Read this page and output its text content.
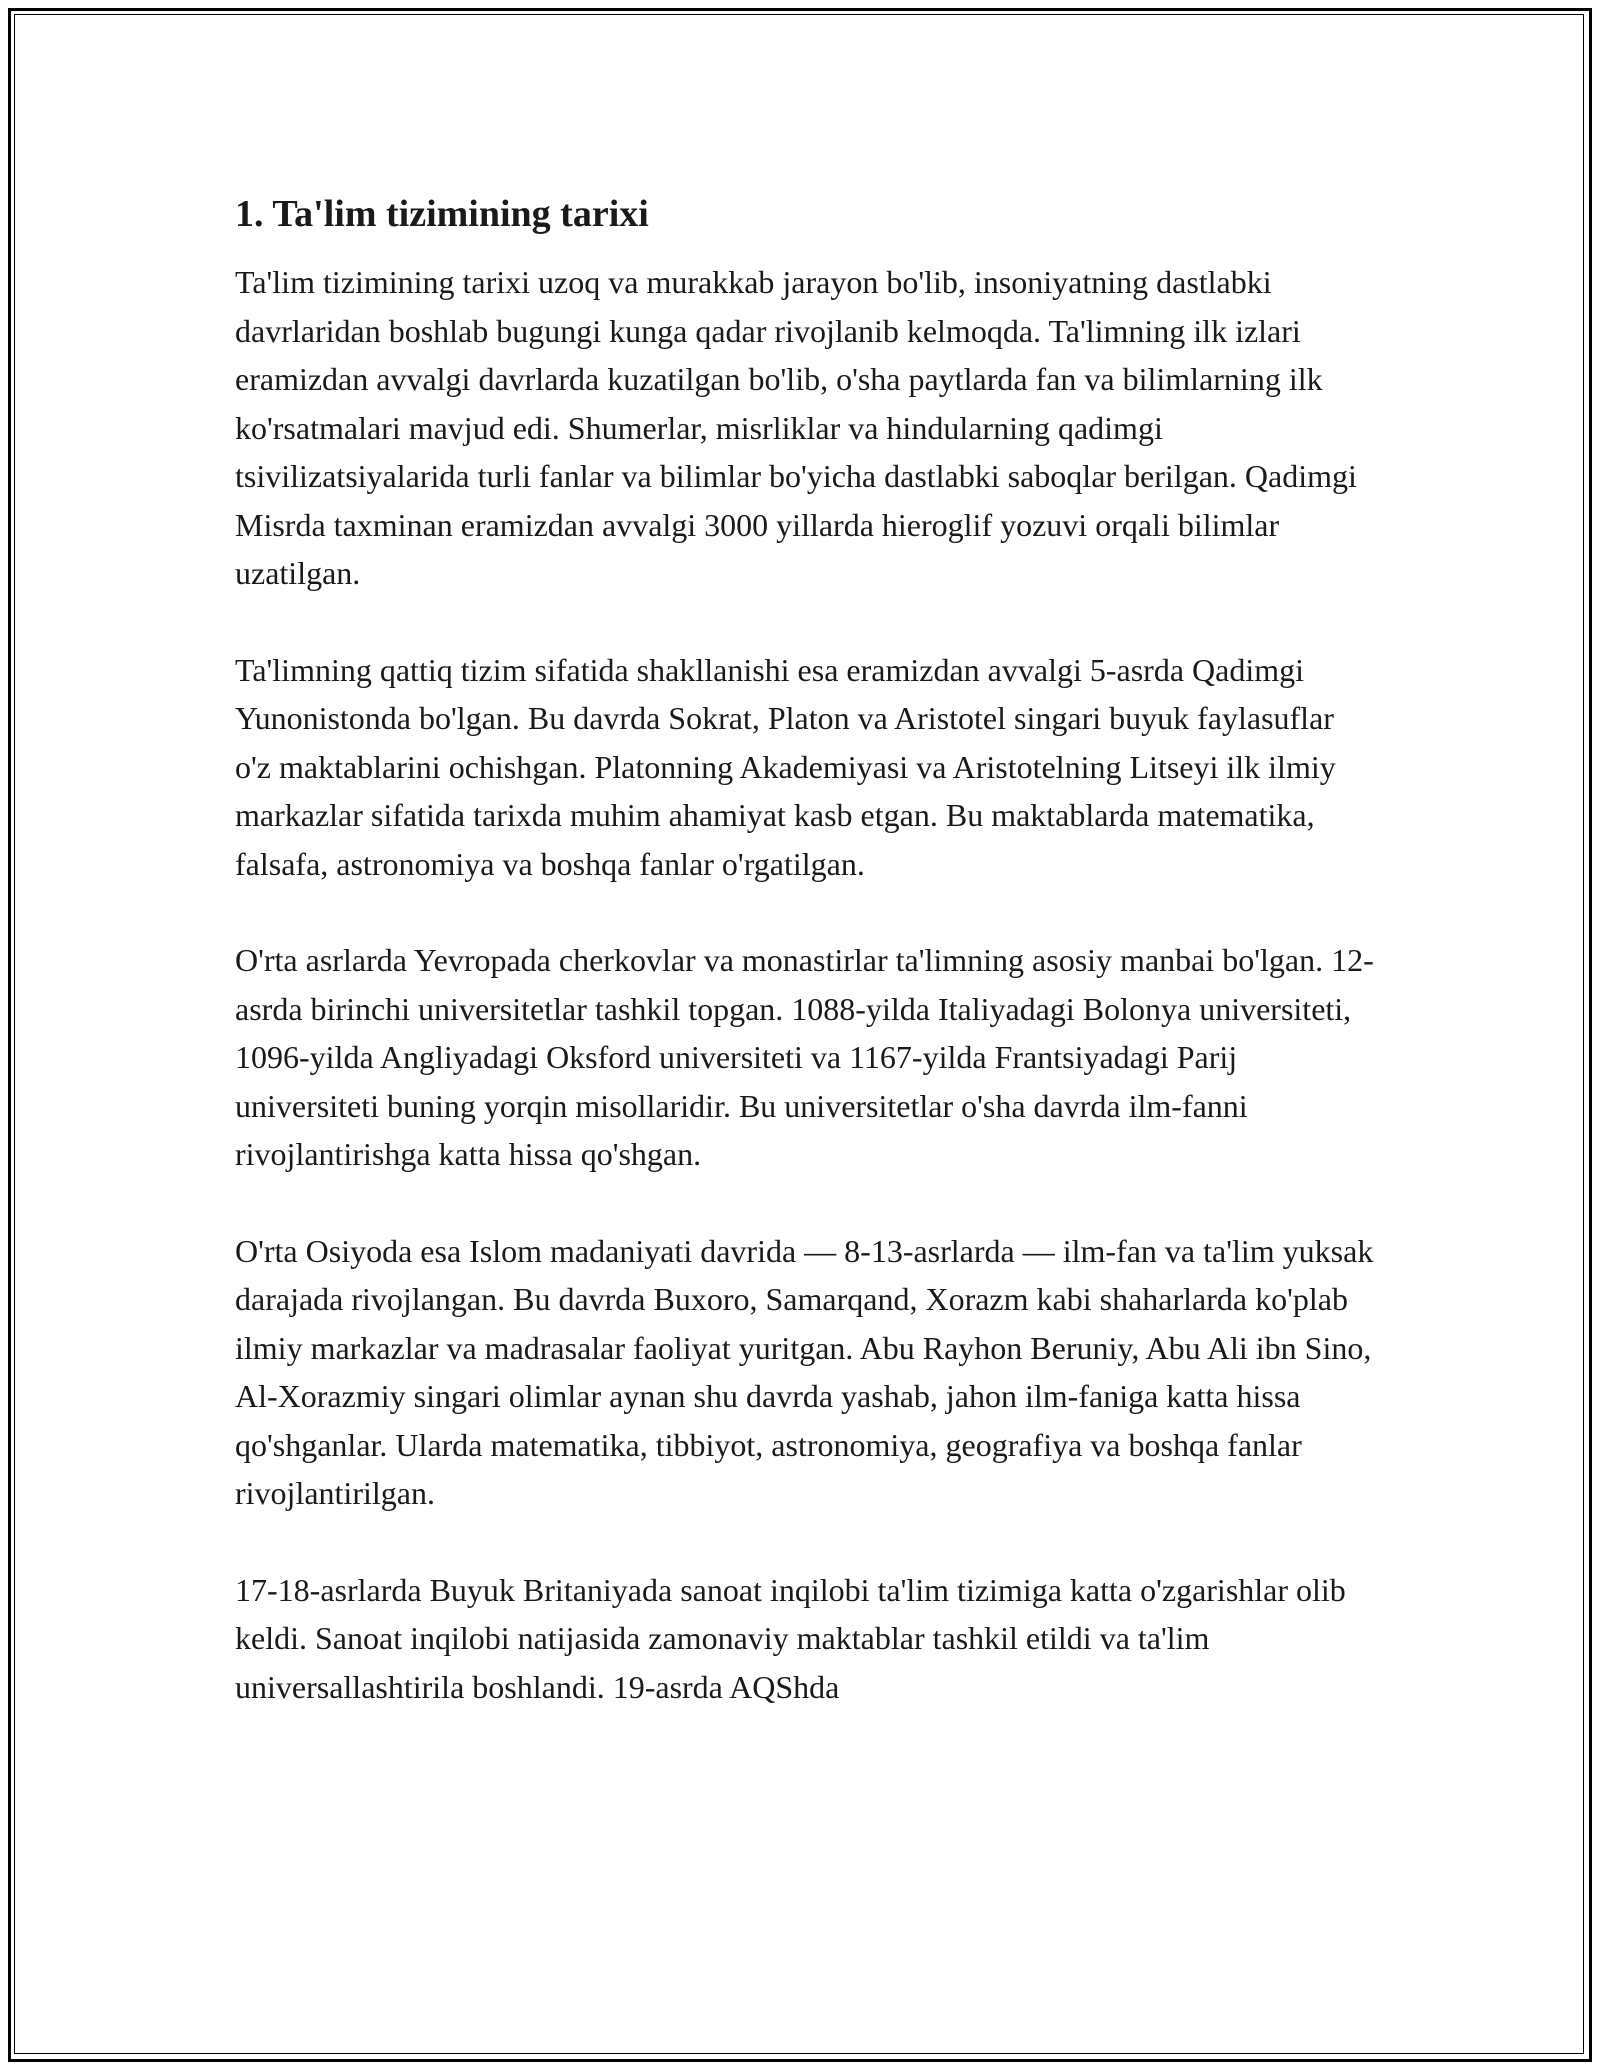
1. Ta'lim tizimining tarixi

Ta'lim tizimining tarixi uzoq va murakkab jarayon bo'lib, insoniyatning dastlabki davrlaridan boshlab bugungi kunga qadar rivojlanib kelmoqda. Ta'limning ilk izlari eramizdan avvalgi davrlarda kuzatilgan bo'lib, o'sha paytlarda fan va bilimlarning ilk ko'rsatmalari mavjud edi. Shumerlar, misrliklar va hindularning qadimgi tsivilizatsiyalarida turli fanlar va bilimlar bo'yicha dastlabki saboqlar berilgan. Qadimgi Misrda taxminan eramizdan avvalgi 3000 yillarda hieroglif yozuvi orqali bilimlar uzatilgan.

Ta'limning qattiq tizim sifatida shakllanishi esa eramizdan avvalgi 5-asrda Qadimgi Yunonistonda bo'lgan. Bu davrda Sokrat, Platon va Aristotel singari buyuk faylasuflar o'z maktablarini ochishgan. Platonning Akademiyasi va Aristotelning Litseyi ilk ilmiy markazlar sifatida tarixda muhim ahamiyat kasb etgan. Bu maktablarda matematika, falsafa, astronomiya va boshqa fanlar o'rgatilgan.

O'rta asrlarda Yevropada cherkovlar va monastirlar ta'limning asosiy manbai bo'lgan. 12-asrda birinchi universitetlar tashkil topgan. 1088-yilda Italiyadagi Bolonya universiteti, 1096-yilda Angliyadagi Oksford universiteti va 1167-yilda Frantsiyadagi Parij universiteti buning yorqin misollaridir. Bu universitetlar o'sha davrda ilm-fanni rivojlantirishga katta hissa qo'shgan.

O'rta Osiyoda esa Islom madaniyati davrida — 8-13-asrlarda — ilm-fan va ta'lim yuksak darajada rivojlangan. Bu davrda Buxoro, Samarqand, Xorazm kabi shaharlarda ko'plab ilmiy markazlar va madrasalar faoliyat yuritgan. Abu Rayhon Beruniy, Abu Ali ibn Sino, Al-Xorazmiy singari olimlar aynan shu davrda yashab, jahon ilm-faniga katta hissa qo'shganlar. Ularda matematika, tibbiyot, astronomiya, geografiya va boshqa fanlar rivojlantirilgan.

17-18-asrlarda Buyuk Britaniyada sanoat inqilobi ta'lim tizimiga katta o'zgarishlar olib keldi. Sanoat inqilobi natijasida zamonaviy maktablar tashkil etildi va ta'lim universallashtirila boshlandi. 19-asrda AQShda
